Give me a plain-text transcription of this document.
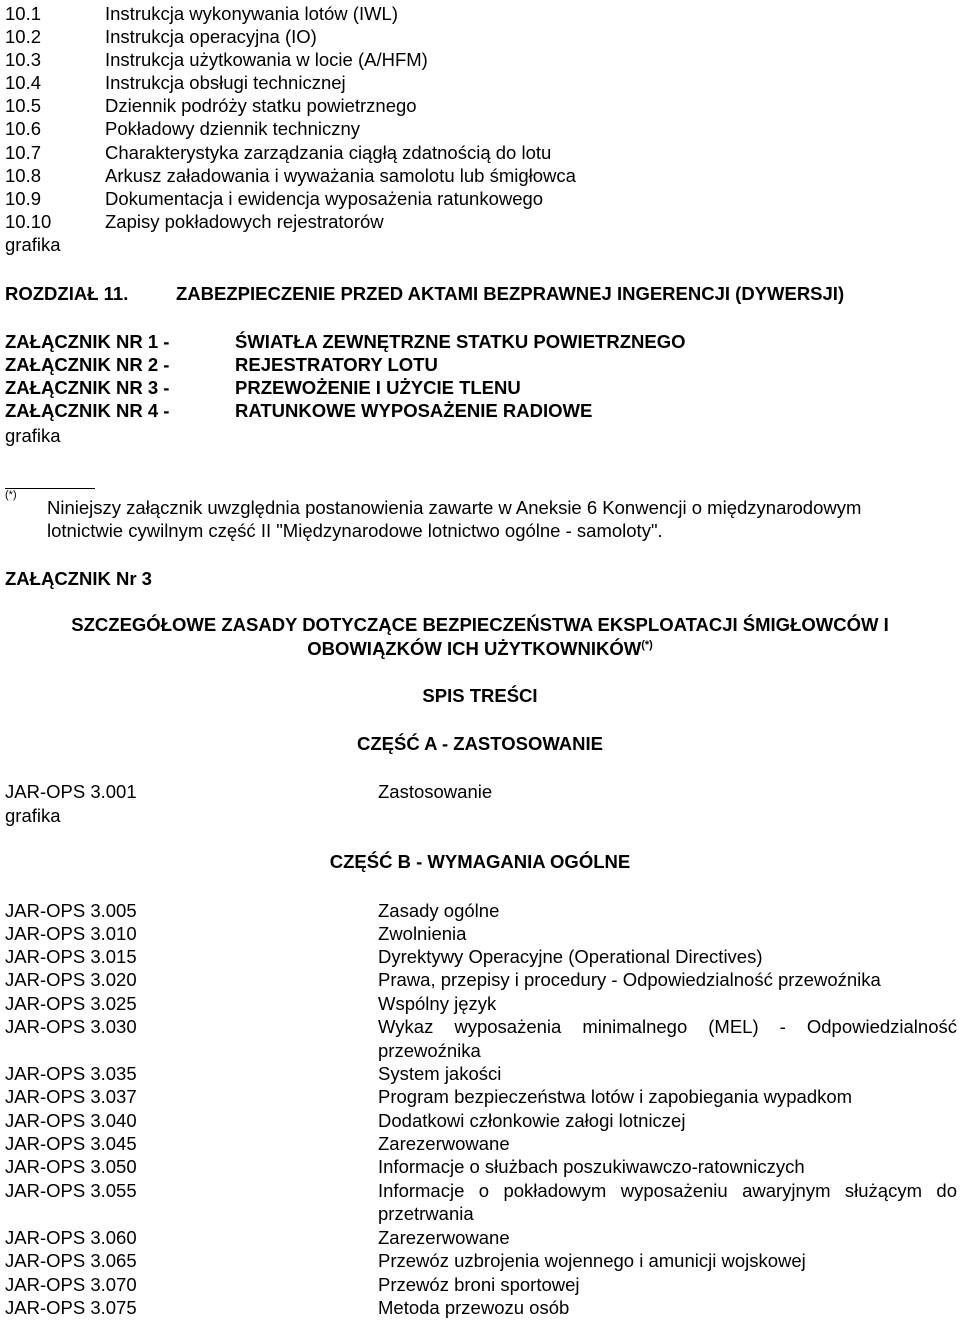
10.1	Instrukcja wykonywania lotów (IWL)
10.2	Instrukcja operacyjna (IO)
10.3	Instrukcja użytkowania w locie (A/HFM)
10.4	Instrukcja obsługi technicznej
10.5	Dziennik podróży statku powietrznego
10.6	Pokładowy dziennik techniczny
10.7	Charakterystyka zarządzania ciągłą zdatnością do lotu
10.8	Arkusz załadowania i wyważania samolotu lub śmigłowca
10.9	Dokumentacja i ewidencja wyposażenia ratunkowego
10.10	Zapisy pokładowych rejestratorów
grafika
ROZDZIAŁ 11.	ZABEZPIECZENIE PRZED AKTAMI BEZPRAWNEJ INGERENCJI (DYWERSJI)
ZAŁĄCZNIK NR 1 -	ŚWIATŁA ZEWNĘTRZNE STATKU POWIETRZNEGO
ZAŁĄCZNIK NR 2 -	REJESTRATORY LOTU
ZAŁĄCZNIK NR 3 -	PRZEWOŻENIE I UŻYCIE TLENU
ZAŁĄCZNIK NR 4 -	RATUNKOWE WYPOSAŻENIE RADIOWE
grafika
(*)
Niniejszy załącznik uwzględnia postanowienia zawarte w Aneksie 6 Konwencji o międzynarodowym
lotnictwie cywilnym część II "Międzynarodowe lotnictwo ogólne - samoloty".
ZAŁĄCZNIK Nr 3
SZCZEGÓŁOWE ZASADY DOTYCZĄCE BEZPIECZEŃSTWA EKSPLOATACJI ŚMIGŁOWCÓW I
OBOWIĄZKÓW ICH UŻYTKOWNIKÓW(*)
SPIS TREŚCI
CZĘŚĆ A - ZASTOSOWANIE
JAR-OPS 3.001	Zastosowanie
grafika
CZĘŚĆ B - WYMAGANIA OGÓLNE
JAR-OPS 3.005	Zasady ogólne
JAR-OPS 3.010	Zwolnienia
JAR-OPS 3.015	Dyrektywy Operacyjne (Operational Directives)
JAR-OPS 3.020	Prawa, przepisy i procedury - Odpowiedzialność przewoźnika
JAR-OPS 3.025	Wspólny język
JAR-OPS 3.030	Wykaz wyposażenia minimalnego (MEL) - Odpowiedzialność
przewoźnika
JAR-OPS 3.035	System jakości
JAR-OPS 3.037	Program bezpieczeństwa lotów i zapobiegania wypadkom
JAR-OPS 3.040	Dodatkowi członkowie załogi lotniczej
JAR-OPS 3.045	Zarezerwowane
JAR-OPS 3.050	Informacje o służbach poszukiwawczo-ratowniczych
JAR-OPS 3.055	Informacje o pokładowym wyposażeniu awaryjnym służącym do
przetrwania
JAR-OPS 3.060	Zarezerwowane
JAR-OPS 3.065	Przewóz uzbrojenia wojennego i amunicji wojskowej
JAR-OPS 3.070	Przewóz broni sportowej
JAR-OPS 3.075	Metoda przewozu osób
